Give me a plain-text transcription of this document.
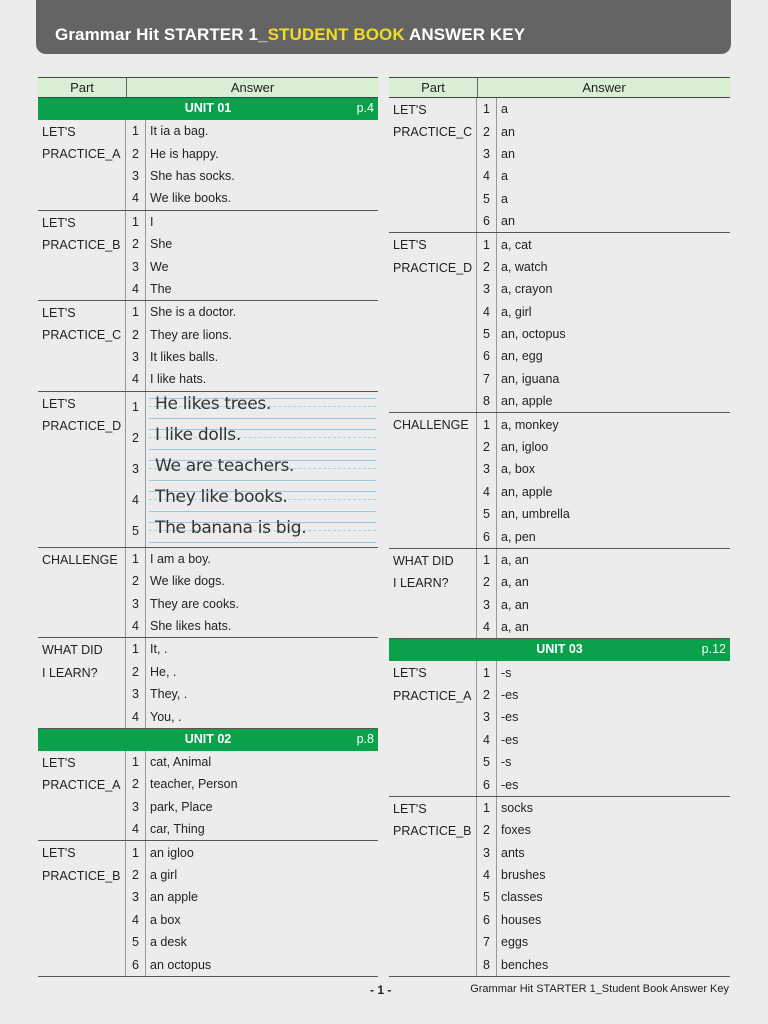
Grammar Hit STARTER 1_STUDENT BOOK ANSWER KEY
Part	Answer
UNIT 01	p.4
LET'S
PRACTICE_A
1 It ia a bag.
2 He is happy.
3 She has socks.
4 We like books.
LET'S
PRACTICE_B
1 I
2 She
3 We
4 The
LET'S
PRACTICE_C
1 She is a doctor.
2 They are lions.
3 It likes balls.
4 I like hats.
LET'S
PRACTICE_D
1 He likes trees.
2 I like dolls.
3 We are teachers.
4 They like books.
5 The banana is big.
CHALLENGE	1 I am a boy.
2 We like dogs.
3 They are cooks.
4 She likes hats.
WHAT DID
I LEARN?
1 It, .
2 He, .
3 They, .
4 You, .
UNIT 02	p.8
LET'S
PRACTICE_A
1 cat, Animal
2 teacher, Person
3 park, Place
4 car, Thing
LET'S
PRACTICE_B
1 an igloo
2 a girl
3 an apple
4 a box
5 a desk
6 an octopus
Part	Answer
LET'S
PRACTICE_C
1 a
2 an
3 an
4 a
5 a
6 an
LET'S
PRACTICE_D
1 a, cat
2 a, watch
3 a, crayon
4 a, girl
5 an, octopus
6 an, egg
7 an, iguana
8 an, apple
CHALLENGE	1 a, monkey
2 an, igloo
3 a, box
4 an, apple
5 an, umbrella
6 a, pen
WHAT DID
I LEARN?
1 a, an
2 a, an
3 a, an
4 a, an
UNIT 03	p.12
LET'S
PRACTICE_A
1 -s
2 -es
3 -es
4 -es
5 -s
6 -es
LET'S
PRACTICE_B
1 socks
2 foxes
3 ants
4 brushes
5 classes
6 houses
7 eggs
8 benches
- 1 -	Grammar Hit STARTER 1_Student Book Answer Key
